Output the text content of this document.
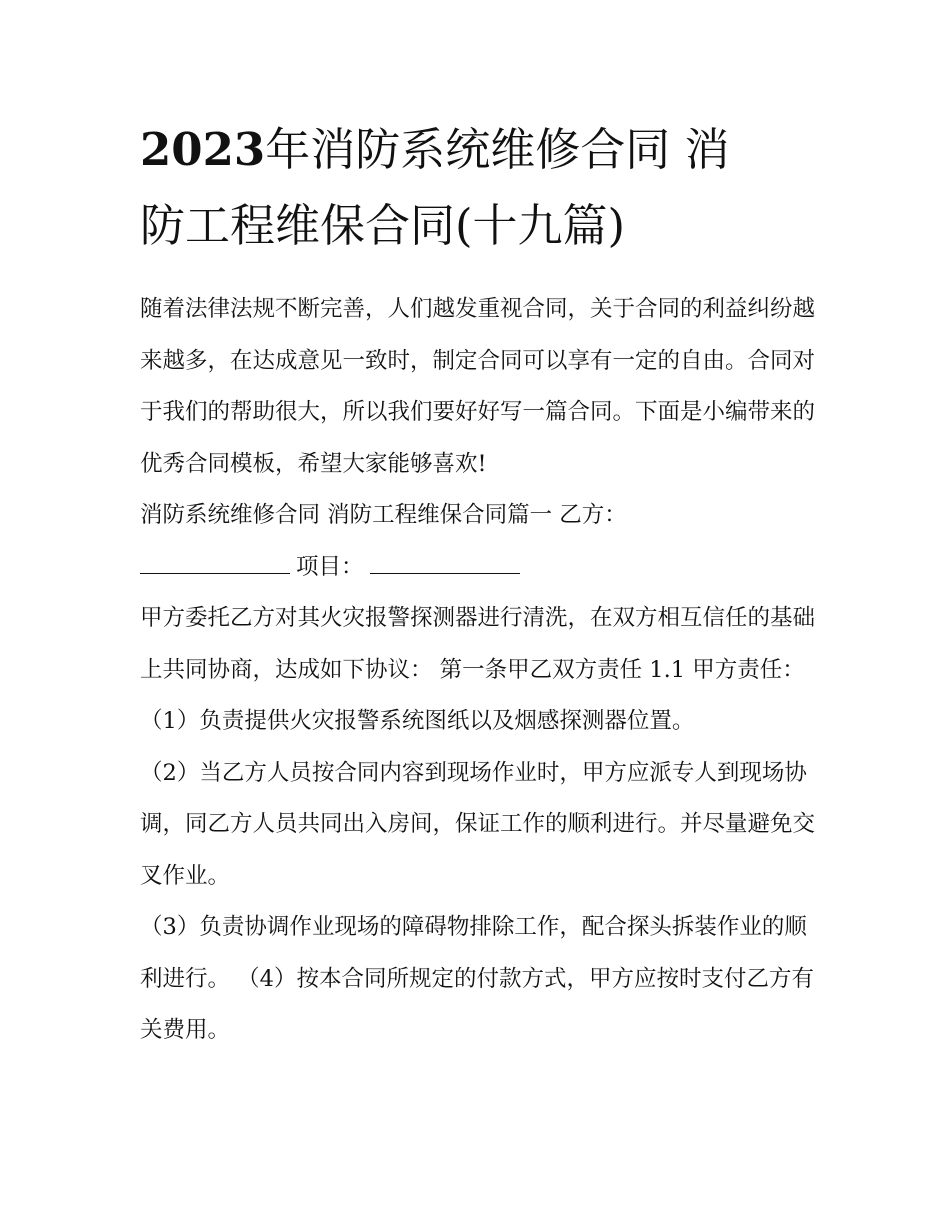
2023年消防系统维修合同 消
防工程维保合同(十九篇)

随着法律法规不断完善，人们越发重视合同，关于合同的利益纠纷越来越多，在达成意见一致时，制定合同可以享有一定的自由。合同对于我们的帮助很大，所以我们要好好写一篇合同。下面是小编带来的优秀合同模板，希望大家能够喜欢!

消防系统维修合同 消防工程维保合同篇一 乙方：

项目：

甲方委托乙方对其火灾报警探测器进行清洗，在双方相互信任的基础上共同协商，达成如下协议： 第一条甲乙双方责任 1.1 甲方责任：

（1）负责提供火灾报警系统图纸以及烟感探测器位置。

（2）当乙方人员按合同内容到现场作业时，甲方应派专人到现场协调，同乙方人员共同出入房间，保证工作的顺利进行。并尽量避免交叉作业。

（3）负责协调作业现场的障碍物排除工作，配合探头拆装作业的顺利进行。 （4）按本合同所规定的付款方式，甲方应按时支付乙方有关费用。
